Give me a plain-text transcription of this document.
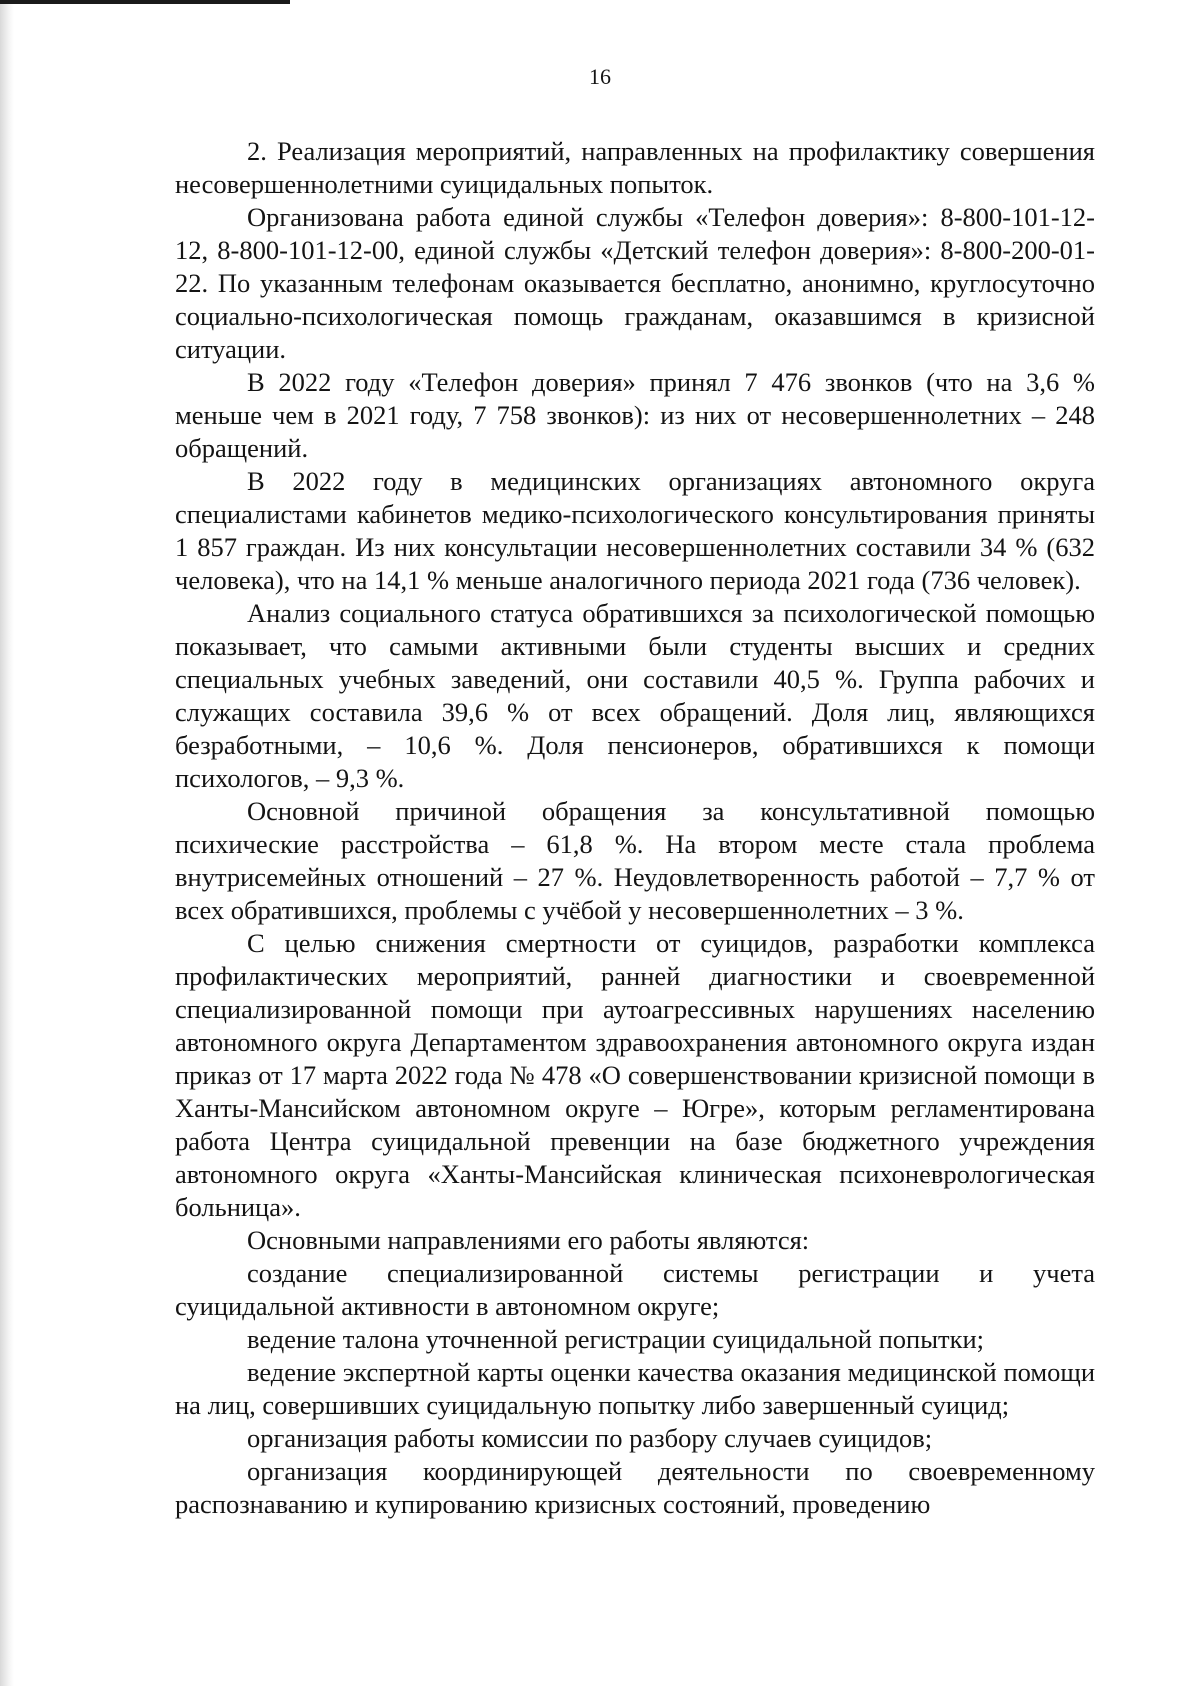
16

2. Реализация мероприятий, направленных на профилактику совершения несовершеннолетними суицидальных попыток.

Организована работа единой службы «Телефон доверия»: 8-800-101-12-12, 8-800-101-12-00, единой службы «Детский телефон доверия»: 8-800-200-01-22. По указанным телефонам оказывается бесплатно, анонимно, круглосуточно социально-психологическая помощь гражданам, оказавшимся в кризисной ситуации.

В 2022 году «Телефон доверия» принял 7 476 звонков (что на 3,6 % меньше чем в 2021 году, 7 758 звонков): из них от несовершеннолетних – 248 обращений.

В 2022 году в медицинских организациях автономного округа специалистами кабинетов медико-психологического консультирования приняты 1 857 граждан. Из них консультации несовершеннолетних составили 34 % (632 человека), что на 14,1 % меньше аналогичного периода 2021 года (736 человек).

Анализ социального статуса обратившихся за психологической помощью показывает, что самыми активными были студенты высших и средних специальных учебных заведений, они составили 40,5 %. Группа рабочих и служащих составила 39,6 % от всех обращений. Доля лиц, являющихся безработными, – 10,6 %. Доля пенсионеров, обратившихся к помощи психологов, – 9,3 %.

Основной причиной обращения за консультативной помощью психические расстройства – 61,8 %. На втором месте стала проблема внутрисемейных отношений – 27 %. Неудовлетворенность работой – 7,7 % от всех обратившихся, проблемы с учёбой у несовершеннолетних – 3 %.

С целью снижения смертности от суицидов, разработки комплекса профилактических мероприятий, ранней диагностики и своевременной специализированной помощи при аутоагрессивных нарушениях населению автономного округа Департаментом здравоохранения автономного округа издан приказ от 17 марта 2022 года № 478 «О совершенствовании кризисной помощи в Ханты-Мансийском автономном округе – Югре», которым регламентирована работа Центра суицидальной превенции на базе бюджетного учреждения автономного округа «Ханты-Мансийская клиническая психоневрологическая больница».

Основными направлениями его работы являются:

создание специализированной системы регистрации и учета суицидальной активности в автономном округе;

ведение талона уточненной регистрации суицидальной попытки;

ведение экспертной карты оценки качества оказания медицинской помощи на лиц, совершивших суицидальную попытку либо завершенный суицид;

организация работы комиссии по разбору случаев суицидов;

организация координирующей деятельности по своевременному распознаванию и купированию кризисных состояний, проведению
